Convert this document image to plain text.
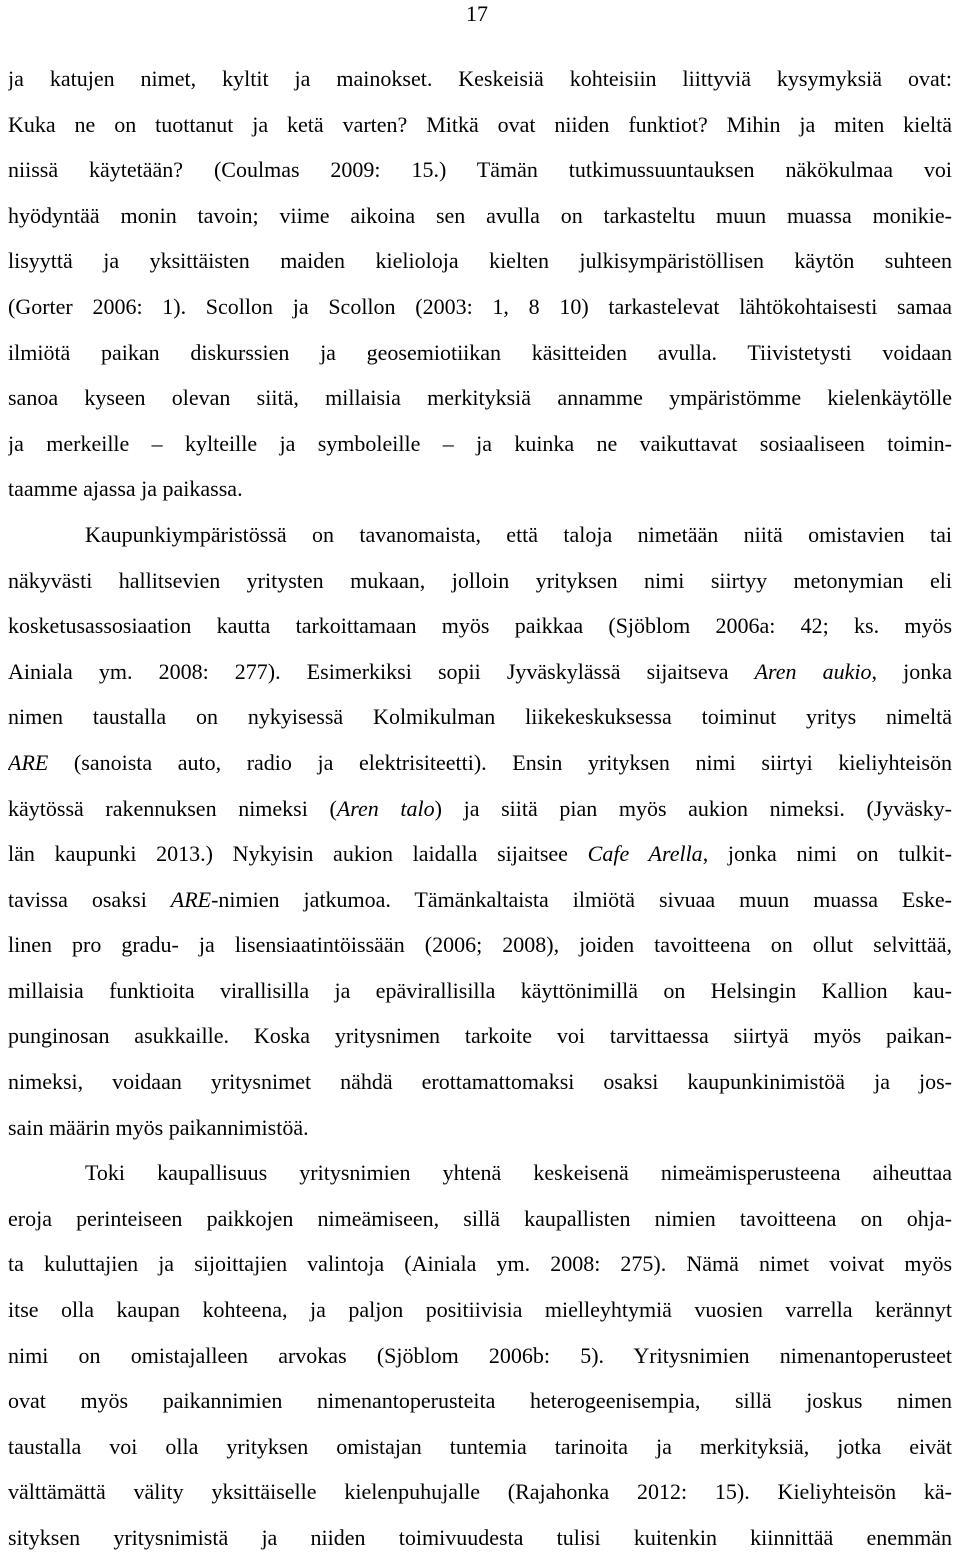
17
ja katujen nimet, kyltit ja mainokset. Keskeisiä kohteisiin liittyviä kysymyksiä ovat:
Kuka ne on tuottanut ja ketä varten? Mitkä ovat niiden funktiot? Mihin ja miten kieltä
niissä käytetään? (Coulmas 2009: 15.) Tämän tutkimussuuntauksen näkökulmaa voi
hyödyntää monin tavoin; viime aikoina sen avulla on tarkasteltu muun muassa monikie-
lisyyttä ja yksittäisten maiden kielioloja kielten julkisympäristöllisen käytön suhteen
(Gorter 2006: 1). Scollon ja Scollon (2003: 1, 8 10) tarkastelevat lähtökohtaisesti samaa
ilmiötä paikan diskurssien ja geosemiotiikan käsitteiden avulla. Tiivistetysti voidaan
sanoa kyseen olevan siitä, millaisia merkityksiä annamme ympäristömme kielenkäytölle
ja merkeille – kylteille ja symboleille – ja kuinka ne vaikuttavat sosiaaliseen toimin-
taamme ajassa ja paikassa.
Kaupunkiympäristössä on tavanomaista, että taloja nimetään niitä omistavien tai
näkyvästi hallitsevien yritysten mukaan, jolloin yrityksen nimi siirtyy metonymian eli
kosketusassosiaation kautta tarkoittamaan myös paikkaa (Sjöblom 2006a: 42; ks. myös
Ainiala ym. 2008: 277). Esimerkiksi sopii Jyväskylässä sijaitseva Aren aukio, jonka
nimen taustalla on nykyisessä Kolmikulman liikekeskuksessa toiminut yritys nimeltä
ARE (sanoista auto, radio ja elektrisiteetti). Ensin yrityksen nimi siirtyi kieliyhteisön
käytössä rakennuksen nimeksi (Aren talo) ja siitä pian myös aukion nimeksi. (Jyväsky-
län kaupunki 2013.) Nykyisin aukion laidalla sijaitsee Cafe Arella, jonka nimi on tulkit-
tavissa osaksi ARE-nimien jatkumoa. Tämänkaltaista ilmiötä sivuaa muun muassa Eske-
linen pro gradu- ja lisensiaatintöissään (2006; 2008), joiden tavoitteena on ollut selvittää,
millaisia funktioita virallisilla ja epävirallisilla käyttönimillä on Helsingin Kallion kau-
punginosan asukkaille. Koska yritysnimen tarkoite voi tarvittaessa siirtyä myös paikan-
nimeksi, voidaan yritysnimet nähdä erottamattomaksi osaksi kaupunkinimistöä ja jos-
sain määrin myös paikannimistöä.
Toki kaupallisuus yritysnimien yhtenä keskeisenä nimeämisperusteena aiheuttaa
eroja perinteiseen paikkojen nimeämiseen, sillä kaupallisten nimien tavoitteena on ohja-
ta kuluttajien ja sijoittajien valintoja (Ainiala ym. 2008: 275). Nämä nimet voivat myös
itse olla kaupan kohteena, ja paljon positiivisia mielleyhtymiä vuosien varrella kerännyt
nimi on omistajalleen arvokas (Sjöblom 2006b: 5). Yritysnimien nimenantoperusteet
ovat myös paikannimien nimenantoperusteita heterogeenisempia, sillä joskus nimen
taustalla voi olla yrityksen omistajan tuntemia tarinoita ja merkityksiä, jotka eivät
välttämättä välity yksittäiselle kielenpuhujalle (Rajahonka 2012: 15). Kieliyhteisön kä-
sityksen yritysnimistä ja niiden toimivuudesta tulisi kuitenkin kiinnittää enemmän
